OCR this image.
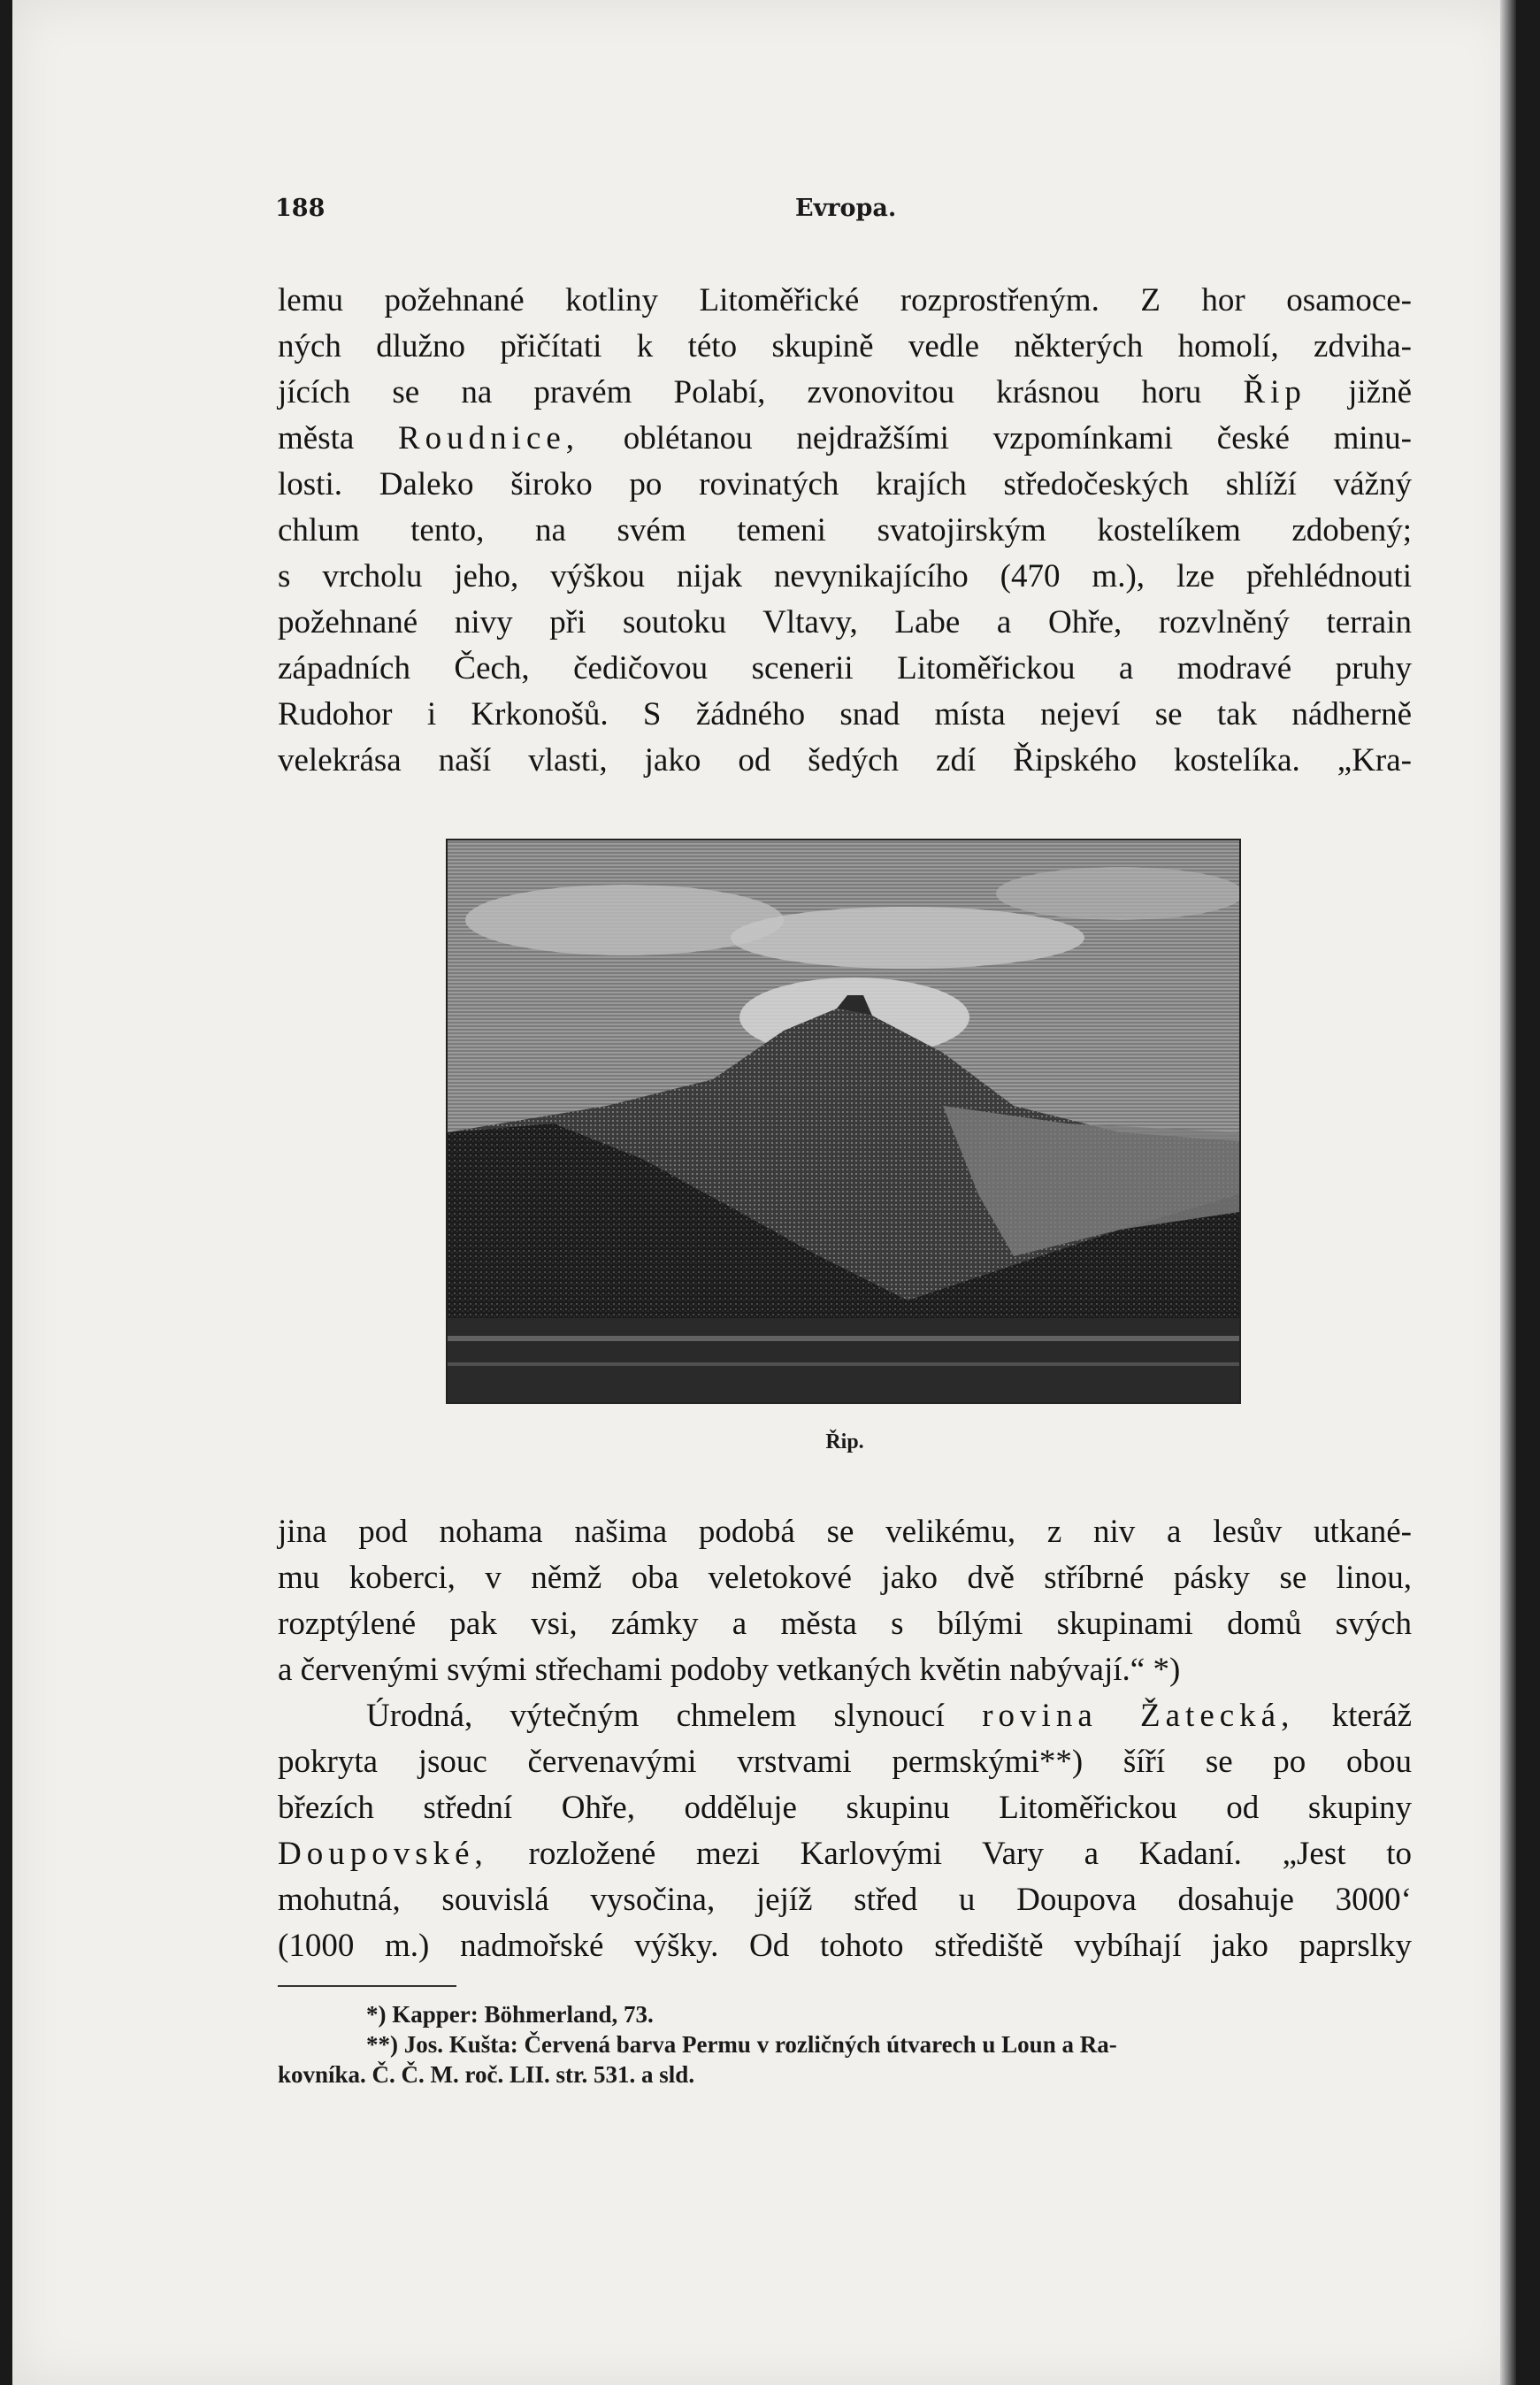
188	Evropa.

lemu požehnané kotliny Litoměřické rozprostřeným. Z hor osamoce-

ných dlužno přičítati k této skupině vedle některých homolí, zdviha-

jících se na pravém Polabí, zvonovitou krásnou horu Řip jižně

města Roudnice, oblétanou nejdražšími vzpomínkami české minu-

losti. Daleko široko po rovinatých krajích středočeských shlíží vážný

chlum tento, na svém temeni svatojirským kostelíkem zdobený;

s vrcholu jeho, výškou nijak nevynikajícího (470 m.), lze přehlédnouti

požehnané nivy při soutoku Vltavy, Labe a Ohře, rozvlněný terrain

západních Čech, čedičovou scenerii Litoměřickou a modravé pruhy

Rudohor i Krkonošů. S žádného snad místa nejeví se tak nádherně

velekrása naší vlasti, jako od šedých zdí Řipského kostelíka. „Kra-

Řip.

jina pod nohama našima podobá se velikému, z niv a lesův utkané-

mu koberci, v němž oba veletokové jako dvě stříbrné pásky se linou,

rozptýlené pak vsi, zámky a města s bílými skupinami domů svých

a červenými svými střechami podoby vetkaných květin nabývají.“ *)

Úrodná, výtečným chmelem slynoucí rovina Žatecká, kteráž

pokryta jsouc červenavými vrstvami permskými**) šíří se po obou

březích střední Ohře, odděluje skupinu Litoměřickou od skupiny

Doupovské, rozložené mezi Karlovými Vary a Kadaní. „Jest to

mohutná, souvislá vysočina, jejíž střed u Doupova dosahuje 3000‘

(1000 m.) nadmořské výšky. Od tohoto střediště vybíhají jako paprslky

*) Kapper: Böhmerland, 73.

**) Jos. Kušta: Červená barva Permu v rozličných útvarech u Loun a Ra-

kovníka. Č. Č. M. roč. LII. str. 531. a sld.
